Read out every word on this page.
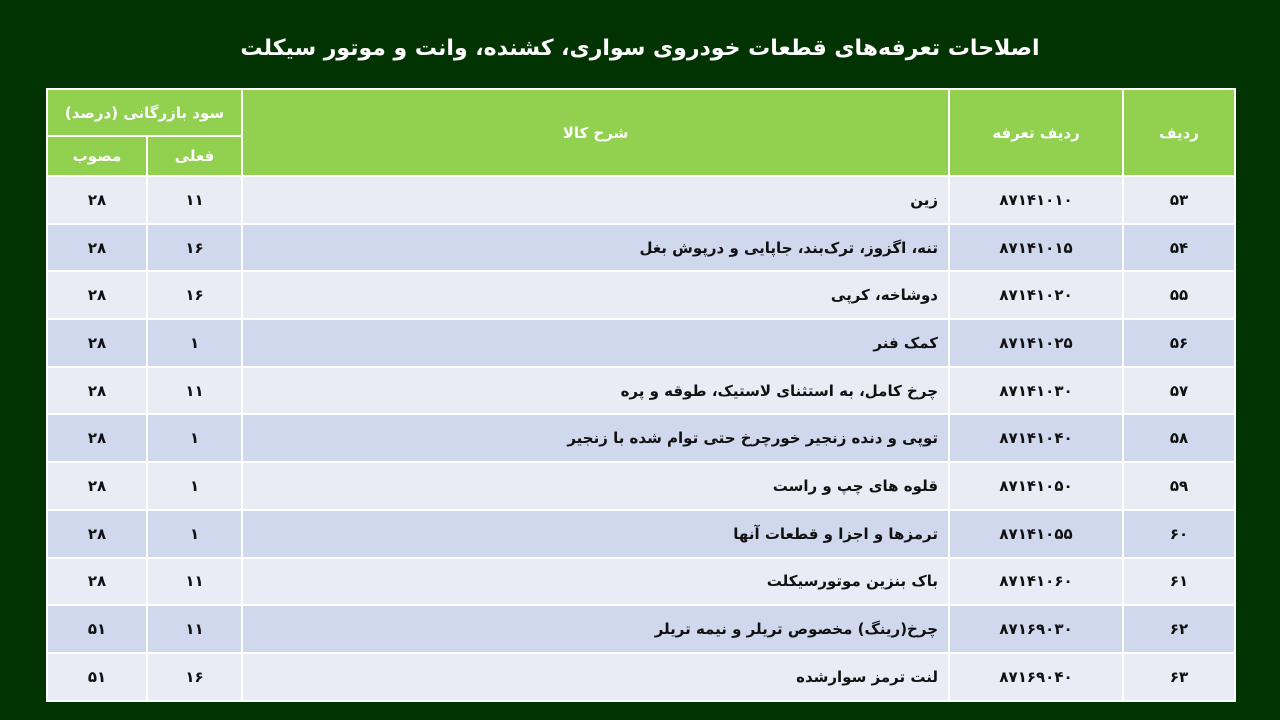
اصلاحات تعرفه‌های قطعات خودروی سواری، کشنده، وانت و موتور سیکلت
ردیف	ردیف تعرفه	شرح کالا	سود بازرگانی (درصد)	
			فعلی	مصوب
۵۳	۸۷۱۴۱۰۱۰	زین	۱۱	۲۸
۵۴	۸۷۱۴۱۰۱۵	تنه، اگزوز، ترک‌بند، جاپایی و درپوش بغل	۱۶	۲۸
۵۵	۸۷۱۴۱۰۲۰	دوشاخه، کرپی	۱۶	۲۸
۵۶	۸۷۱۴۱۰۲۵	کمک فنر	۱	۲۸
۵۷	۸۷۱۴۱۰۳۰	چرخ کامل، به استثنای لاستیک، طوقه و پره	۱۱	۲۸
۵۸	۸۷۱۴۱۰۴۰	توپی و دنده زنجیر خورچرخ حتی توام شده با زنجیر	۱	۲۸
۵۹	۸۷۱۴۱۰۵۰	قلوه های چپ و راست	۱	۲۸
۶۰	۸۷۱۴۱۰۵۵	ترمزها و اجزا و قطعات آنها	۱	۲۸
۶۱	۸۷۱۴۱۰۶۰	باک بنزین موتورسیکلت	۱۱	۲۸
۶۲	۸۷۱۶۹۰۳۰	چرخ(رینگ) مخصوص تریلر و نیمه تریلر	۱۱	۵۱
۶۳	۸۷۱۶۹۰۴۰	لنت ترمز سوارشده	۱۶	۵۱
